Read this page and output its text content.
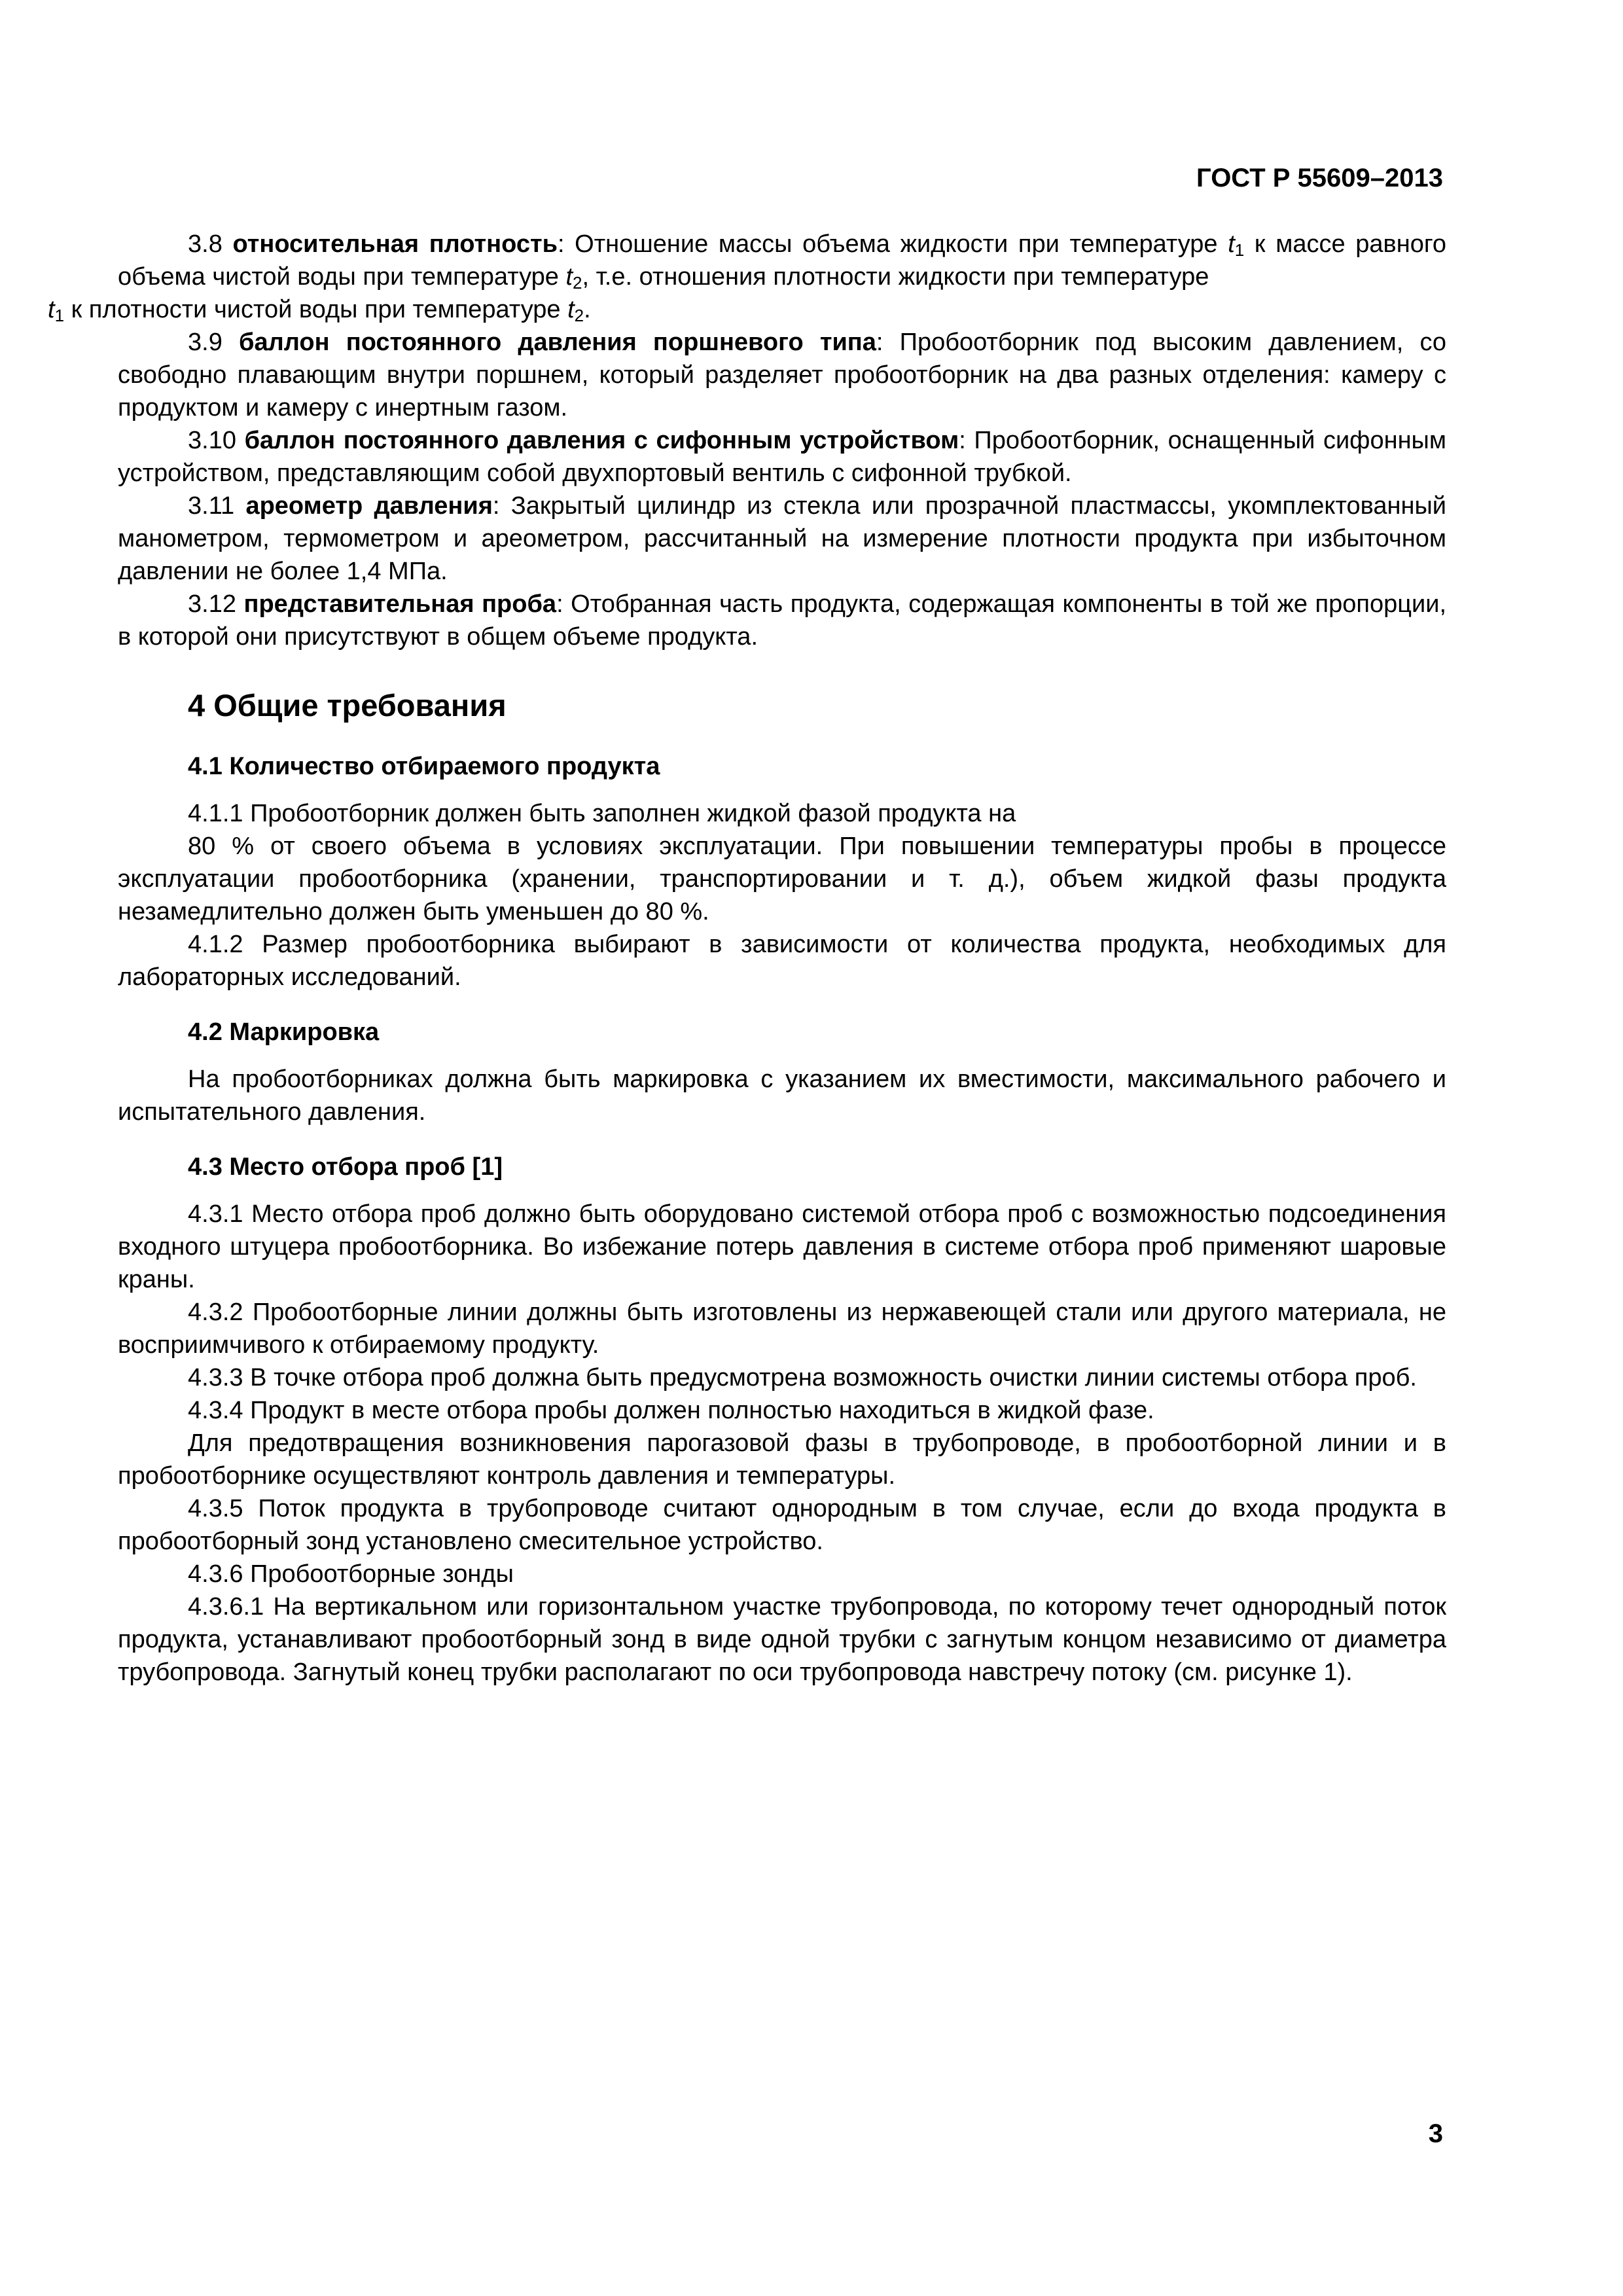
ГОСТ Р 55609–2013

3.8 относительная плотность: Отношение массы объема жидкости при температуре $t_1$ к массе равного объема чистой воды при температуре $t_2$, т.е. отношения плотности жидкости при температуре
$t_1$ к плотности чистой воды при температуре $t_2$.

3.9 баллон постоянного давления поршневого типа: Пробоотборник под высоким давлением, со свободно плавающим внутри поршнем, который разделяет пробоотборник на два разных отделения: камеру с продуктом и камеру с инертным газом.

3.10 баллон постоянного давления с сифонным устройством: Пробоотборник, оснащенный сифонным устройством, представляющим собой двухпортовый вентиль с сифонной трубкой.

3.11 ареометр давления: Закрытый цилиндр из стекла или прозрачной пластмассы, укомплектованный манометром, термометром и ареометром, рассчитанный на измерение плотности продукта при избыточном давлении не более 1,4 МПа.

3.12 представительная проба: Отобранная часть продукта, содержащая компоненты в той же пропорции, в которой они присутствуют в общем объеме продукта.

4 Общие требования
4.1 Количество отбираемого продукта

4.1.1 Пробоотборник должен быть заполнен жидкой фазой продукта на

80 % от своего объема в условиях эксплуатации. При повышении температуры пробы в процессе эксплуатации пробоотборника (хранении, транспортировании и т. д.), объем жидкой фазы продукта незамедлительно должен быть уменьшен до 80 %.

4.1.2 Размер пробоотборника выбирают в зависимости от количества продукта, необходимых для лабораторных исследований.

4.2 Маркировка

На пробоотборниках должна быть маркировка с указанием их вместимости, максимального рабочего и испытательного давления.

4.3 Место отбора проб [1]

4.3.1 Место отбора проб должно быть оборудовано системой отбора проб с возможностью подсоединения входного штуцера пробоотборника. Во избежание потерь давления в системе отбора проб применяют шаровые краны.

4.3.2 Пробоотборные линии должны быть изготовлены из нержавеющей стали или другого материала, не восприимчивого к отбираемому продукту.

4.3.3 В точке отбора проб должна быть предусмотрена возможность очистки линии системы отбора проб.

4.3.4 Продукт в месте отбора пробы должен полностью находиться в жидкой фазе.

Для предотвращения возникновения парогазовой фазы в трубопроводе, в пробоотборной линии и в пробоотборнике осуществляют контроль давления и температуры.

4.3.5 Поток продукта в трубопроводе считают однородным в том случае, если до входа продукта в пробоотборный зонд установлено смесительное устройство.

4.3.6 Пробоотборные зонды

4.3.6.1 На вертикальном или горизонтальном участке трубопровода, по которому течет однородный поток продукта, устанавливают пробоотборный зонд в виде одной трубки с загнутым концом независимо от диаметра трубопровода. Загнутый конец трубки располагают по оси трубопровода навстречу потоку (см. рисунке 1).

3
